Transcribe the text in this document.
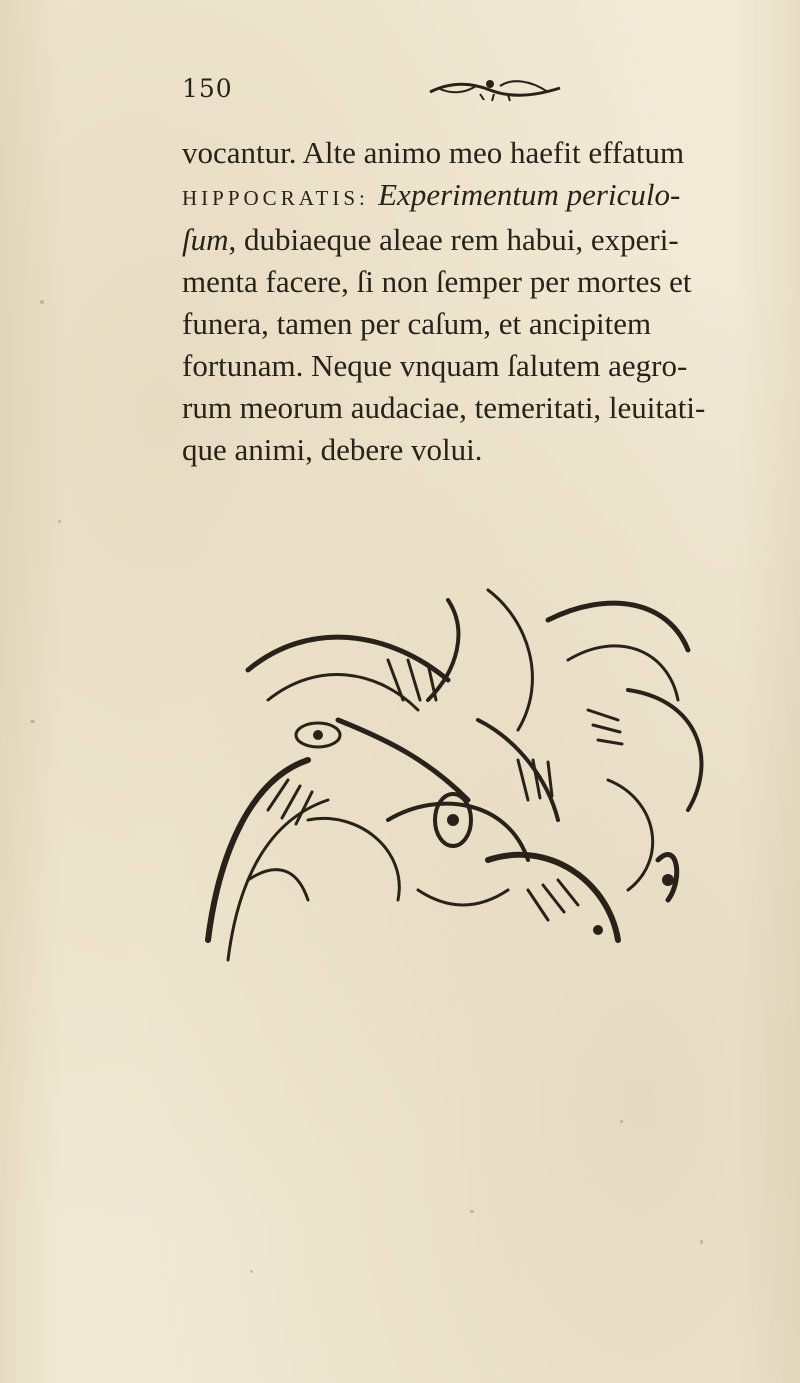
150
vocantur. Alte animo meo haefit effatum
HIPPOCRATIS: Experimentum periculo-
ſum, dubiaeque aleae rem habui, experi-
menta facere, ſi non ſemper per mortes et
funera, tamen per caſum, et ancipitem
fortunam. Neque vnquam ſalutem aegro-
rum meorum audaciae, temeritati, leuitati-
que animi, debere volui.
